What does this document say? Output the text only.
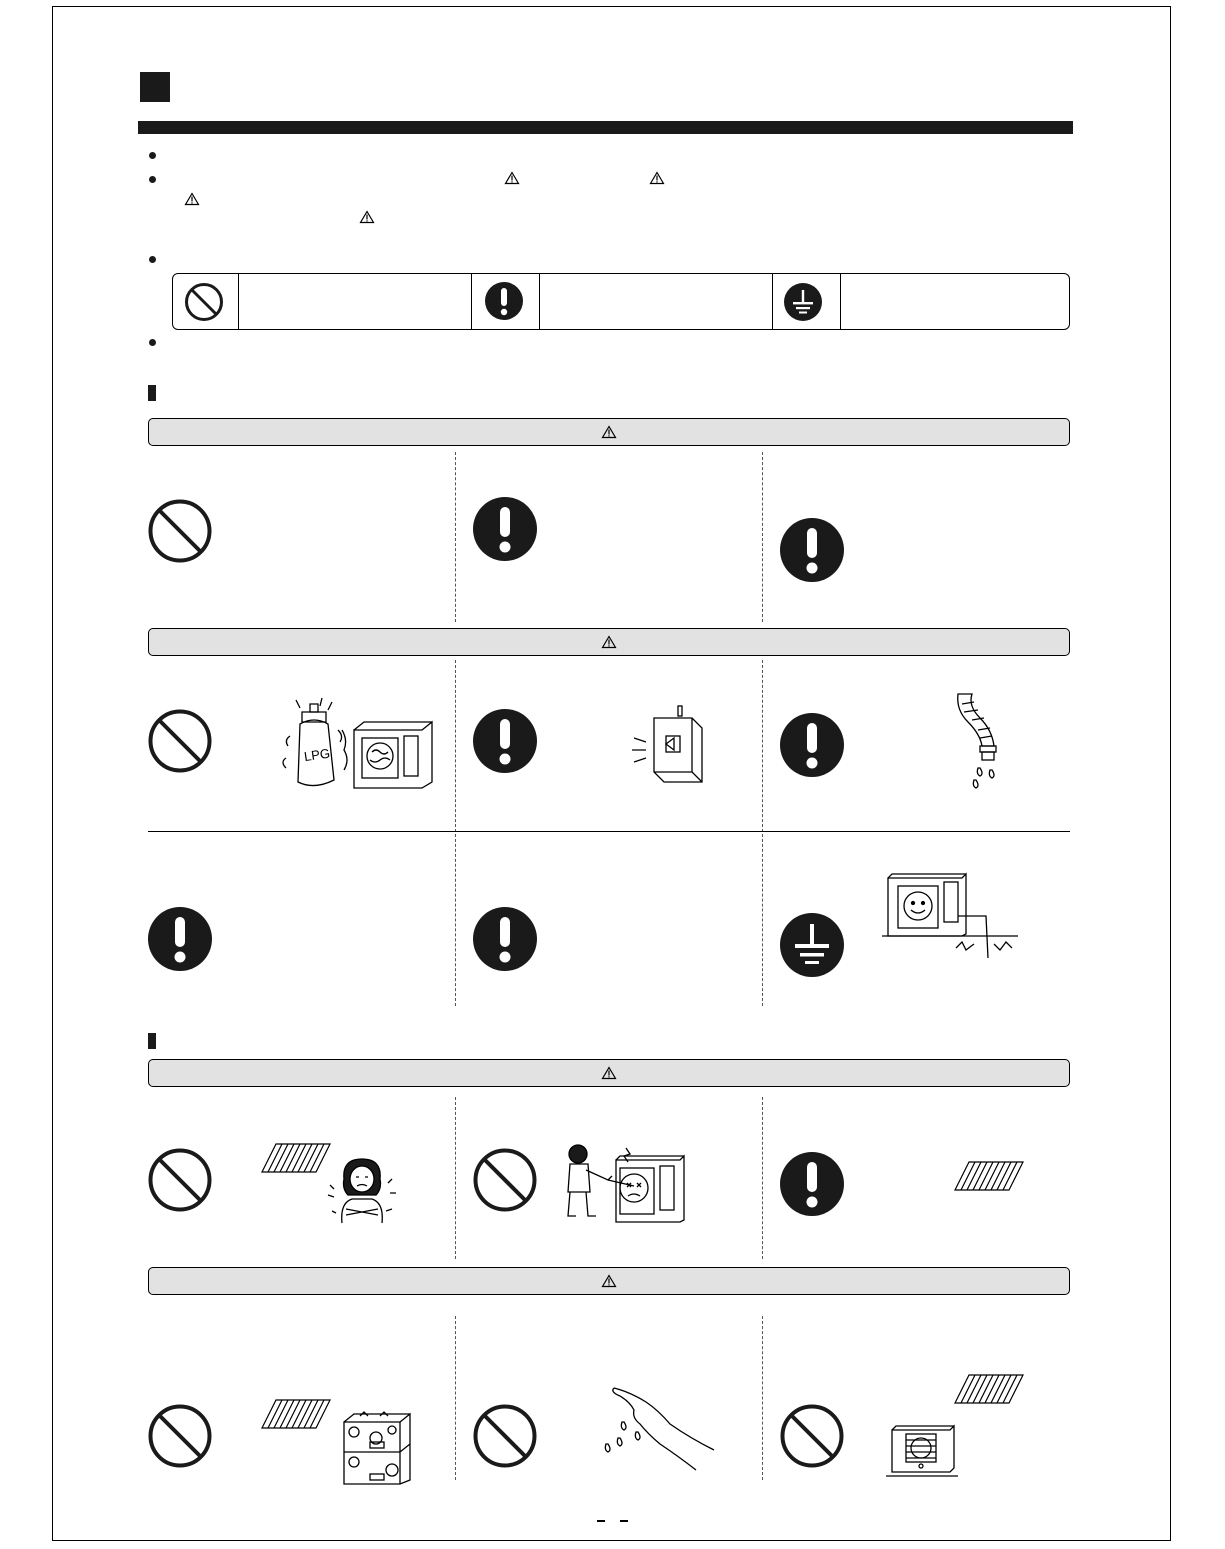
LPG
